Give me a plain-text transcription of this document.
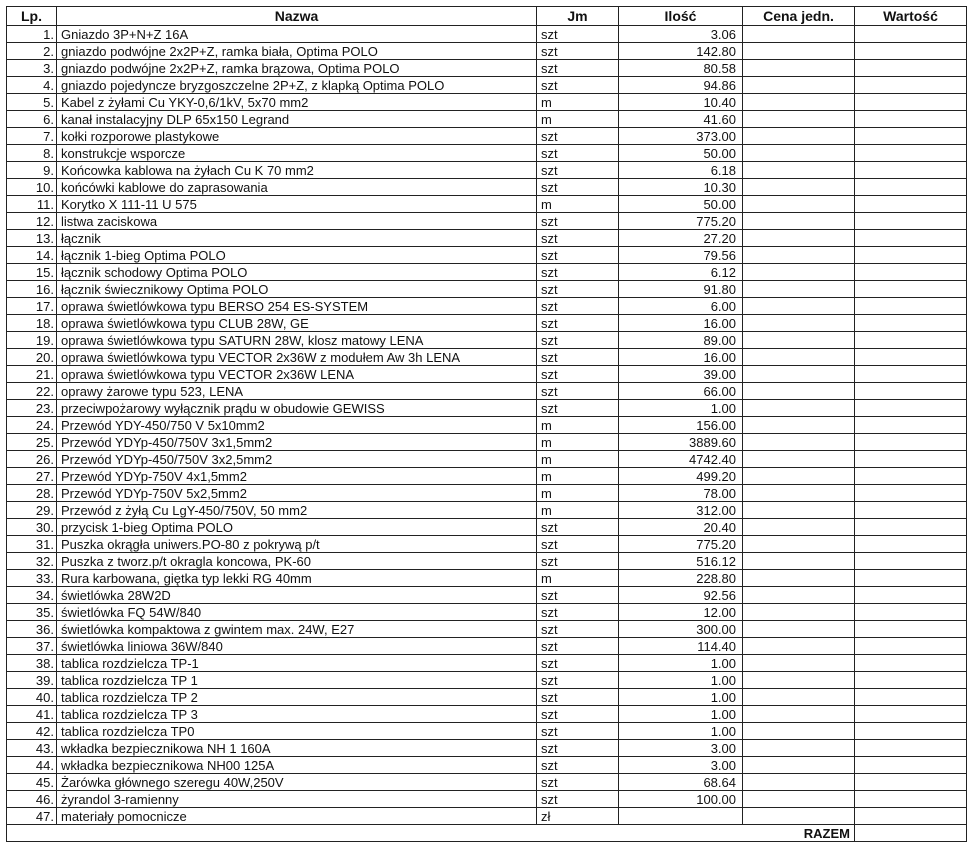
Lp.	Nazwa	Jm	Ilość	Cena jedn.	Wartość
1.	Gniazdo 3P+N+Z 16A	szt	3.06		
2.	gniazdo podwójne 2x2P+Z, ramka biała, Optima POLO	szt	142.80		
3.	gniazdo podwójne 2x2P+Z, ramka brązowa, Optima POLO	szt	80.58		
4.	gniazdo pojedyncze bryzgoszczelne 2P+Z, z klapką Optima POLO	szt	94.86		
5.	Kabel z żyłami Cu YKY-0,6/1kV, 5x70 mm2	m	10.40		
6.	kanał instalacyjny DLP 65x150 Legrand	m	41.60		
7.	kołki rozporowe plastykowe	szt	373.00		
8.	konstrukcje wsporcze	szt	50.00		
9.	Końcowka kablowa na żyłach Cu K 70 mm2	szt	6.18		
10.	końcówki kablowe do zaprasowania	szt	10.30		
11.	Korytko X 111-11 U 575	m	50.00		
12.	listwa zaciskowa	szt	775.20		
13.	łącznik	szt	27.20		
14.	łącznik 1-bieg Optima POLO	szt	79.56		
15.	łącznik schodowy Optima POLO	szt	6.12		
16.	łącznik świecznikowy Optima POLO	szt	91.80		
17.	oprawa świetlówkowa typu BERSO 254 ES-SYSTEM	szt	6.00		
18.	oprawa świetlówkowa typu CLUB 28W, GE	szt	16.00		
19.	oprawa świetlówkowa typu SATURN 28W, klosz matowy LENA	szt	89.00		
20.	oprawa świetlówkowa typu VECTOR 2x36W z modułem Aw 3h LENA	szt	16.00		
21.	oprawa świetlówkowa typu VECTOR 2x36W LENA	szt	39.00		
22.	oprawy żarowe typu 523, LENA	szt	66.00		
23.	przeciwpożarowy wyłącznik prądu w obudowie GEWISS	szt	1.00		
24.	Przewód YDY-450/750 V 5x10mm2	m	156.00		
25.	Przewód YDYp-450/750V 3x1,5mm2	m	3889.60		
26.	Przewód YDYp-450/750V 3x2,5mm2	m	4742.40		
27.	Przewód YDYp-750V 4x1,5mm2	m	499.20		
28.	Przewód YDYp-750V 5x2,5mm2	m	78.00		
29.	Przewód z żyłą Cu LgY-450/750V, 50 mm2	m	312.00		
30.	przycisk 1-bieg Optima POLO	szt	20.40		
31.	Puszka okrągła uniwers.PO-80 z pokrywą p/t	szt	775.20		
32.	Puszka z tworz.p/t okragla koncowa, PK-60	szt	516.12		
33.	Rura karbowana, giętka typ lekki RG 40mm	m	228.80		
34.	świetlówka 28W2D	szt	92.56		
35.	świetlówka FQ 54W/840	szt	12.00		
36.	świetlówka kompaktowa z gwintem max. 24W, E27	szt	300.00		
37.	świetlówka liniowa 36W/840	szt	114.40		
38.	tablica rozdzielcza TP-1	szt	1.00		
39.	tablica rozdzielcza TP 1	szt	1.00		
40.	tablica rozdzielcza TP 2	szt	1.00		
41.	tablica rozdzielcza TP 3	szt	1.00		
42.	tablica rozdzielcza TP0	szt	1.00		
43.	wkładka bezpiecznikowa NH 1 160A	szt	3.00		
44.	wkładka bezpiecznikowa NH00 125A	szt	3.00		
45.	Żarówka głównego szeregu 40W,250V	szt	68.64		
46.	żyrandol 3-ramienny	szt	100.00		
47.	materiały pomocnicze	zł			
RAZEM					
